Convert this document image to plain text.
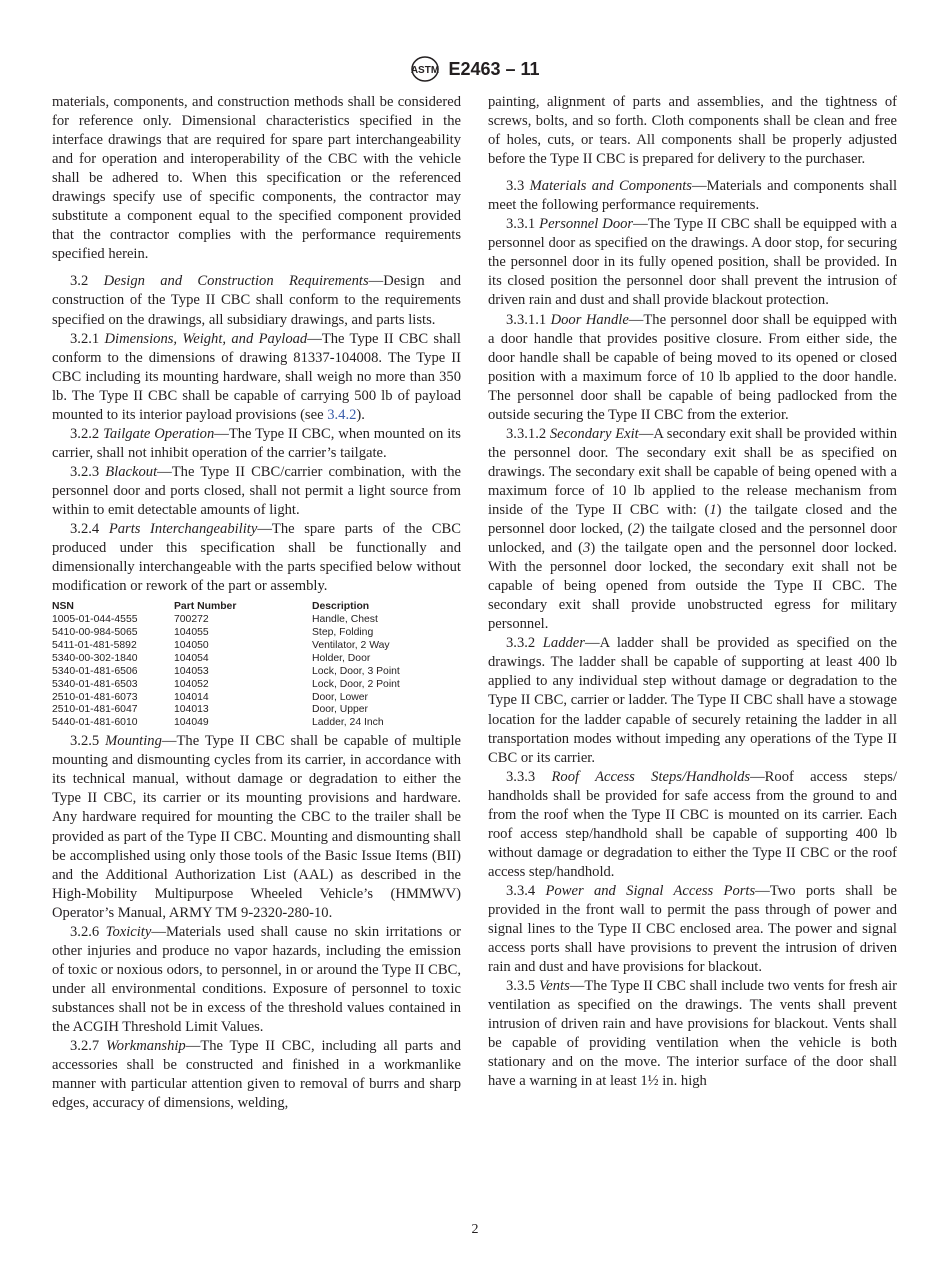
ASTM E2463 – 11

materials, components, and construction methods shall be considered for reference only. Dimensional characteristics specified in the interface drawings that are required for spare part interchangeability and for operation and interoperability of the CBC with the vehicle shall be adhered to. When this specification or the referenced drawings specify use of specific components, the contractor may substitute a component equal to the specified component provided that the contractor complies with the performance requirements specified herein.

3.2 Design and Construction Requirements—Design and construction of the Type II CBC shall conform to the requirements specified on the drawings, all subsidiary drawings, and parts lists.

3.2.1 Dimensions, Weight, and Payload—The Type II CBC shall conform to the dimensions of drawing 81337-104008. The Type II CBC including its mounting hardware, shall weigh no more than 350 lb. The Type II CBC shall be capable of carrying 500 lb of payload mounted to its interior payload provisions (see 3.4.2).

3.2.2 Tailgate Operation—The Type II CBC, when mounted on its carrier, shall not inhibit operation of the carrier’s tailgate.

3.2.3 Blackout—The Type II CBC/carrier combination, with the personnel door and ports closed, shall not permit a light source from within to emit detectable amounts of light.

3.2.4 Parts Interchangeability—The spare parts of the CBC produced under this specification shall be functionally and dimensionally interchangeable with the parts specified below without modification or rework of the part or assembly.

NSN	Part Number	Description
1005-01-044-4555	700272	Handle, Chest
5410-00-984-5065	104055	Step, Folding
5411-01-481-5892	104050	Ventilator, 2 Way
5340-00-302-1840	104054	Holder, Door
5340-01-481-6506	104053	Lock, Door, 3 Point
5340-01-481-6503	104052	Lock, Door, 2 Point
2510-01-481-6073	104014	Door, Lower
2510-01-481-6047	104013	Door, Upper
5440-01-481-6010	104049	Ladder, 24 Inch

3.2.5 Mounting—The Type II CBC shall be capable of multiple mounting and dismounting cycles from its carrier, in accordance with its technical manual, without damage or degradation to either the Type II CBC, its carrier or its mounting provisions and hardware. Any hardware required for mounting the CBC to the trailer shall be provided as part of the Type II CBC. Mounting and dismounting shall be accomplished using only those tools of the Basic Issue Items (BII) and the Additional Authorization List (AAL) as described in the High-Mobility Multipurpose Wheeled Vehicle’s (HMMWV) Operator’s Manual, ARMY TM 9-2320-280-10.

3.2.6 Toxicity—Materials used shall cause no skin irritations or other injuries and produce no vapor hazards, including the emission of toxic or noxious odors, to personnel, in or around the Type II CBC, under all environmental conditions. Exposure of personnel to toxic substances shall not be in excess of the threshold values contained in the ACGIH Threshold Limit Values.

3.2.7 Workmanship—The Type II CBC, including all parts and accessories shall be constructed and finished in a workmanlike manner with particular attention given to removal of burrs and sharp edges, accuracy of dimensions, welding,

painting, alignment of parts and assemblies, and the tightness of screws, bolts, and so forth. Cloth components shall be clean and free of holes, cuts, or tears. All components shall be properly adjusted before the Type II CBC is prepared for delivery to the purchaser.

3.3 Materials and Components—Materials and components shall meet the following performance requirements.

3.3.1 Personnel Door—The Type II CBC shall be equipped with a personnel door as specified on the drawings. A door stop, for securing the personnel door in its fully opened position, shall be provided. In its closed position the personnel door shall prevent the intrusion of driven rain and dust and shall provide blackout protection.

3.3.1.1 Door Handle—The personnel door shall be equipped with a door handle that provides positive closure. From either side, the door handle shall be capable of being moved to its opened or closed position with a maximum force of 10 lb applied to the door handle. The personnel door shall be capable of being padlocked from the outside securing the Type II CBC from the exterior.

3.3.1.2 Secondary Exit—A secondary exit shall be provided within the personnel door. The secondary exit shall be as specified on drawings. The secondary exit shall be capable of being opened with a maximum force of 10 lb applied to the release mechanism from inside of the Type II CBC with: (1) the tailgate closed and the personnel door locked, (2) the tailgate closed and the personnel door unlocked, and (3) the tailgate open and the personnel door locked. With the personnel door locked, the secondary exit shall not be capable of being opened from outside the Type II CBC. The secondary exit shall provide unobstructed egress for military personnel.

3.3.2 Ladder—A ladder shall be provided as specified on the drawings. The ladder shall be capable of supporting at least 400 lb applied to any individual step without damage or degradation to the Type II CBC, carrier or ladder. The Type II CBC shall have a stowage location for the ladder capable of securely retaining the ladder in all transportation modes without impeding any operations of the Type II CBC or its carrier.

3.3.3 Roof Access Steps/Handholds—Roof access steps/ handholds shall be provided for safe access from the ground to and from the roof when the Type II CBC is mounted on its carrier. Each roof access step/handhold shall be capable of supporting 400 lb without damage or degradation to either the Type II CBC or the roof access step/handhold.

3.3.4 Power and Signal Access Ports—Two ports shall be provided in the front wall to permit the pass through of power and signal lines to the Type II CBC enclosed area. The power and signal access ports shall have provisions to prevent the intrusion of driven rain and dust and have provisions for blackout.

3.3.5 Vents—The Type II CBC shall include two vents for fresh air ventilation as specified on the drawings. The vents shall prevent intrusion of driven rain and have provisions for blackout. Vents shall be capable of providing ventilation when the vehicle is both stationary and on the move. The interior surface of the door shall have a warning in at least 1½ in. high

2
